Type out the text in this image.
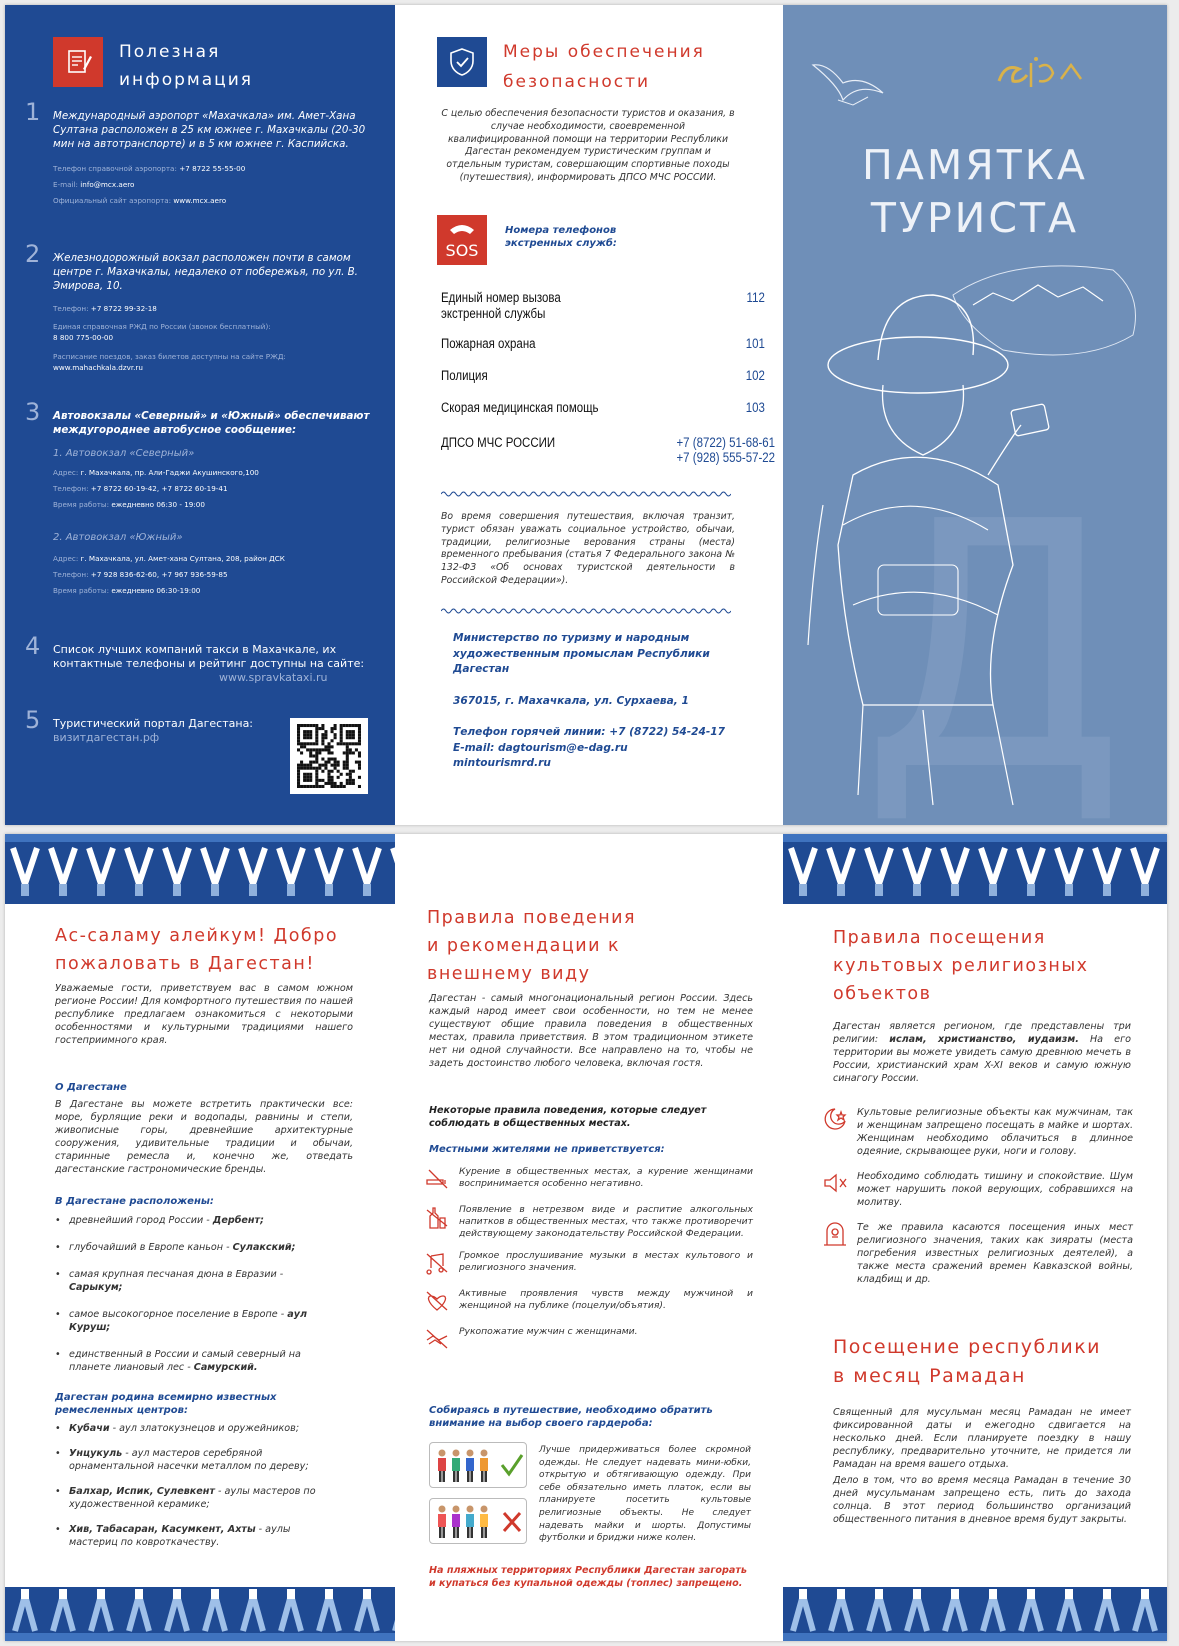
Полезная
информация
1	Международный аэропорт «Махачкала» им. Амет-Хана Султана расположен в 25 км южнее г. Махачкалы (20-30 мин на автотранспорте) и в 5 км южнее г. Каспийска.
Телефон справочной аэропорта: +7 8722 55-55-00
E-mail: info@mcx.aero
Официальный сайт аэропорта: www.mcx.aero
2	Железнодорожный вокзал расположен почти в самом центре г. Махачкалы, недалеко от побережья, по ул. В. Эмирова, 10.
Телефон: +7 8722 99-32-18
Единая справочная РЖД по России (звонок бесплатный):
8 800 775-00-00
Расписание поездов, заказ билетов доступны на сайте РЖД:
www.mahachkala.dzvr.ru
3	Автовокзалы «Северный» и «Южный» обеспечивают междугороднее автобусное сообщение:
1. Автовокзал «Северный»
Адрес: г. Махачкала, пр. Али-Гаджи Акушинского,100
Телефон: +7 8722 60-19-42, +7 8722 60-19-41
Время работы: ежедневно 06:30 - 19:00
2. Автовокзал «Южный»
Адрес: г. Махачкала, ул. Амет-хана Султана, 208, район ДСК
Телефон: +7 928 836-62-60, +7 967 936-59-85
Время работы: ежедневно 06:30-19:00
4	Список лучших компаний такси в Махачкале, их контактные телефоны и рейтинг доступны на сайте:
www.spravkataxi.ru
5	Туристический портал Дагестана:
визитдагестан.рф
Меры обеспечения
безопасности
С целью обеспечения безопасности туристов и оказания, в случае необходимости, своевременной квалифицированной помощи на территории Республики Дагестан рекомендуем туристическим группам и отдельным туристам, совершающим спортивные походы (путешествия), информировать ДПСО МЧС РОССИИ.
SOS
Номера телефонов экстренных служб:
Единый номер вызова экстренной службы
112
Пожарная охрана	101
Полиция	102
Скорая медицинская помощь	103
ДПСО МЧС РОССИИ	+7 (8722) 51-68-61
+7 (928) 555-57-22
Во время совершения путешествия, включая транзит, турист обязан уважать социальное устройство, обычаи, традиции, религиозные верования страны (места) временного пребывания (статья 7 Федерального закона № 132-ФЗ «Об основах туристской деятельности в Российской Федерации»).
Министерство по туризму и народным художественным промыслам Республики Дагестан
367015, г. Махачкала, ул. Сурхаева, 1
Телефон горячей линии: +7 (8722) 54-24-17
E-mail: dagtourism@e-dag.ru
mintourismrd.ru Д
ПАМЯТКА
ТУРИСТА
Ас-саламу алейкум! Добро
пожаловать в Дагестан!
Уважаемые гости, приветствуем вас в самом южном регионе России! Для комфортного путешествия по нашей республике предлагаем ознакомиться с некоторыми особенностями и культурными традициями нашего гостеприимного края.
О Дагестане
В Дагестане вы можете встретить практически все: море, бурлящие реки и водопады, равнины и степи, живописные горы, древнейшие архитектурные сооружения, удивительные традиции и обычаи, старинные ремесла и, конечно же, отведать дагестанские гастрономические бренды.
В Дагестане расположены:
• древнейший город России - Дербент;
• глубочайший в Европе каньон - Сулакский;
• самая крупная песчаная дюна в Евразии - Сарыкум;
• самое высокогорное поселение в Европе - аул Куруш;
• единственный в России и самый северный на планете лиановый лес - Самурский.
Дагестан родина всемирно известных ремесленных центров:
• Кубачи - аул златокузнецов и оружейников;
• Унцукуль - аул мастеров серебряной орнаментальной насечки металлом по дереву;
• Балхар, Испик, Сулевкент - аулы мастеров по художественной керамике;
• Хив, Табасаран, Касумкент, Ахты - аулы мастериц по ковроткачеству.
Правила поведения
и рекомендации к
внешнему виду
Дагестан - самый многонациональный регион России. Здесь каждый народ имеет свои особенности, но тем не менее существуют общие правила поведения в общественных местах, правила приветствия. В этом традиционном этикете нет ни одной случайности. Все направлено на то, чтобы не задеть достоинство любого человека, включая гостя.
Некоторые правила поведения, которые следует соблюдать в общественных местах.
Местными жителями не приветствуется:
Курение в общественных местах, а курение женщинами воспринимается особенно негативно.
Появление в нетрезвом виде и распитие алкогольных напитков в общественных местах, что также противоречит действующему законодательству Российской Федерации.
Громкое прослушивание музыки в местах культового и религиозного значения.
Активные проявления чувств между мужчиной и женщиной на публике (поцелуи/объятия).
Рукопожатие мужчин с женщинами.
Собираясь в путешествие, необходимо обратить внимание на выбор своего гардероба:
Лучше придерживаться более скромной одежды. Не следует надевать мини-юбки, открытую и обтягивающую одежду. При себе обязательно иметь платок, если вы планируете посетить культовые религиозные объекты. Не следует надевать майки и шорты. Допустимы футболки и бриджи ниже колен.
На пляжных территориях Республики Дагестан загорать и купаться без купальной одежды (топлес) запрещено.
Правила посещения
культовых религиозных
объектов
Дагестан является регионом, где представлены три религии: ислам, христианство, иудаизм. На его территории вы можете увидеть самую древнюю мечеть в России, христианский храм X-XI веков и самую южную синагогу России.
Культовые религиозные объекты как мужчинам, так и женщинам запрещено посещать в майке и шортах. Женщинам необходимо облачиться в длинное одеяние, скрывающее руки, ноги и голову.
Необходимо соблюдать тишину и спокойствие. Шум может нарушить покой верующих, собравшихся на молитву.
Те же правила касаются посещения иных мест религиозного значения, таких как зияраты (места погребения известных религиозных деятелей), а также места сражений времен Кавказской войны, кладбищ и др.
Посещение республики
в месяц Рамадан
Священный для мусульман месяц Рамадан не имеет фиксированной даты и ежегодно сдвигается на несколько дней. Если планируете поездку в нашу республику, предварительно уточните, не придется ли Рамадан на время вашего отдыха.
Дело в том, что во время месяца Рамадан в течение 30 дней мусульманам запрещено есть, пить до захода солнца. В этот период большинство организаций общественного питания в дневное время будут закрыты.
